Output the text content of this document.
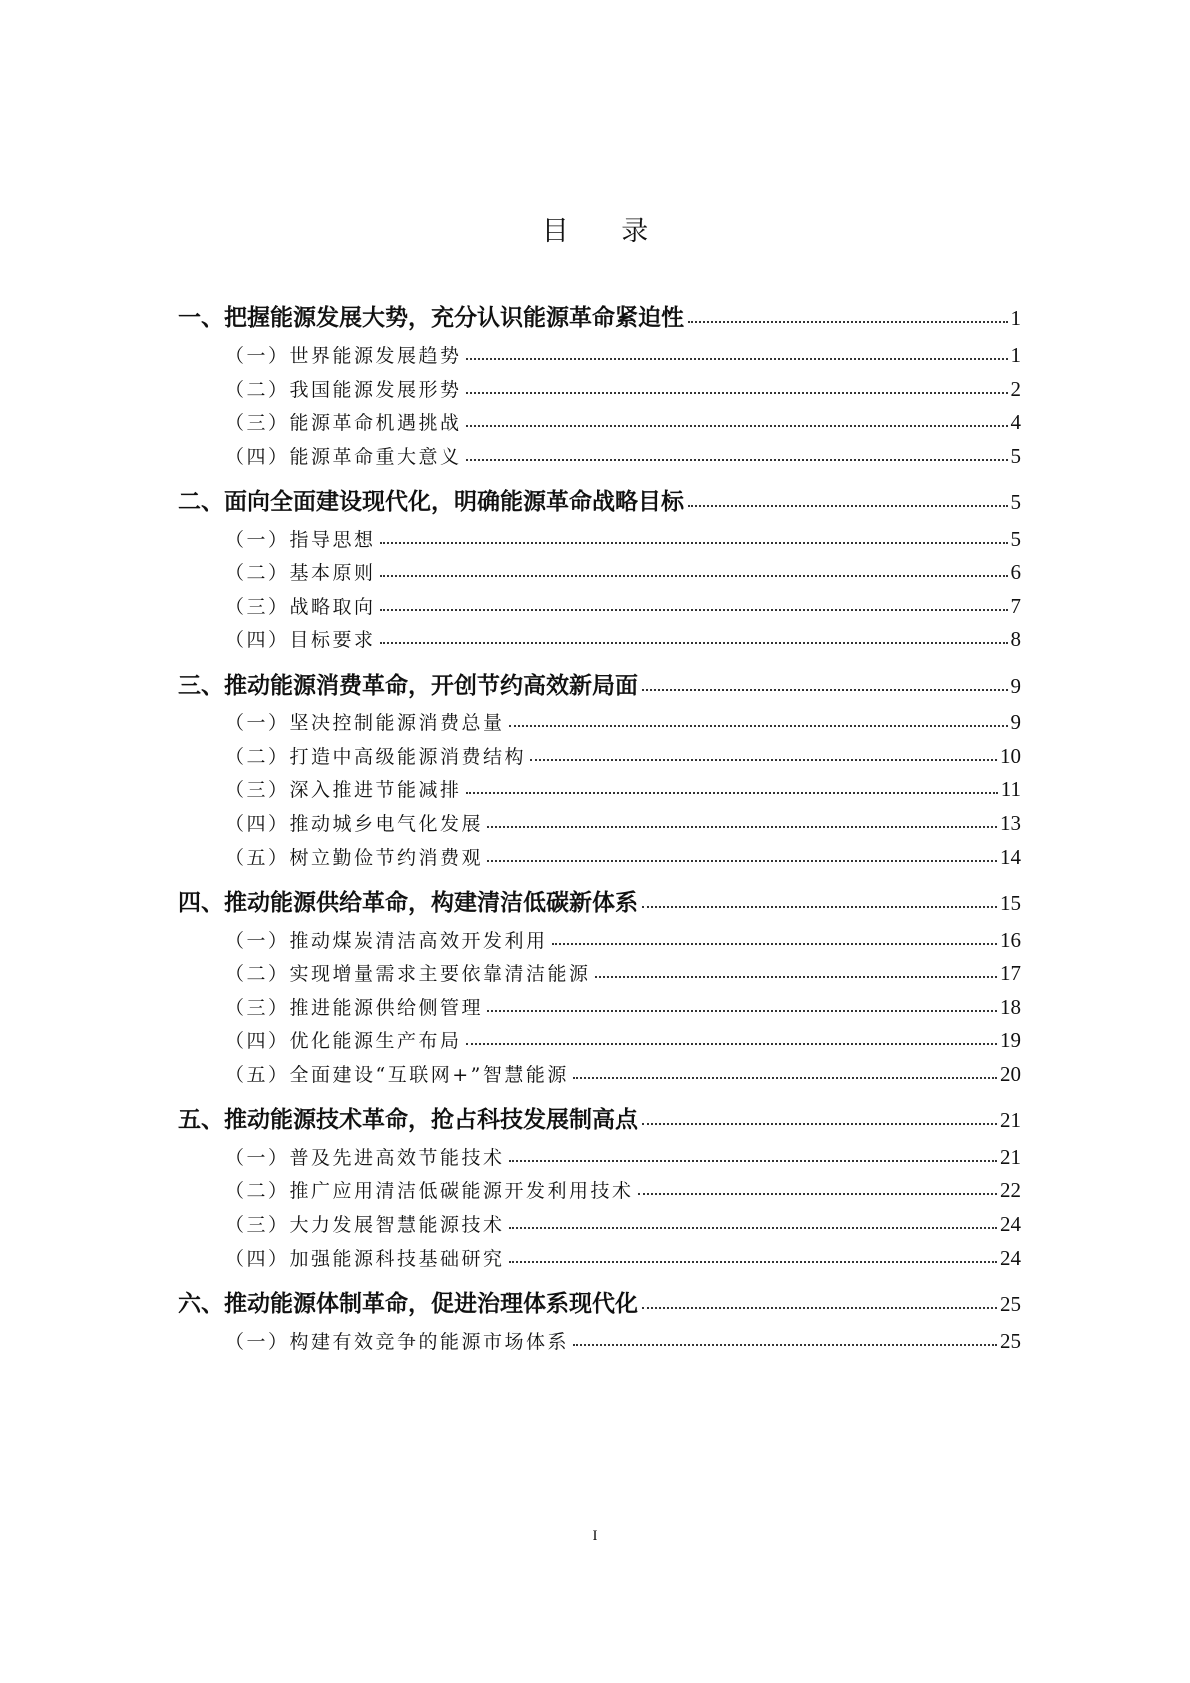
目 录
一、把握能源发展大势，充分认识能源革命紧迫性	1
（一）世界能源发展趋势	1
（二）我国能源发展形势	2
（三）能源革命机遇挑战	4
（四）能源革命重大意义	5
二、面向全面建设现代化，明确能源革命战略目标	5
（一）指导思想	5
（二）基本原则	6
（三）战略取向	7
（四）目标要求	8
三、推动能源消费革命，开创节约高效新局面	9
（一）坚决控制能源消费总量	9
（二）打造中高级能源消费结构	10
（三）深入推进节能减排	11
（四）推动城乡电气化发展	13
（五）树立勤俭节约消费观	14
四、推动能源供给革命，构建清洁低碳新体系	15
（一）推动煤炭清洁高效开发利用	16
（二）实现增量需求主要依靠清洁能源	17
（三）推进能源供给侧管理	18
（四）优化能源生产布局	19
（五）全面建设“互联网+”智慧能源	20
五、推动能源技术革命，抢占科技发展制高点	21
（一）普及先进高效节能技术	21
（二）推广应用清洁低碳能源开发利用技术	22
（三）大力发展智慧能源技术	24
（四）加强能源科技基础研究	24
六、推动能源体制革命，促进治理体系现代化	25
（一）构建有效竞争的能源市场体系	25
I
